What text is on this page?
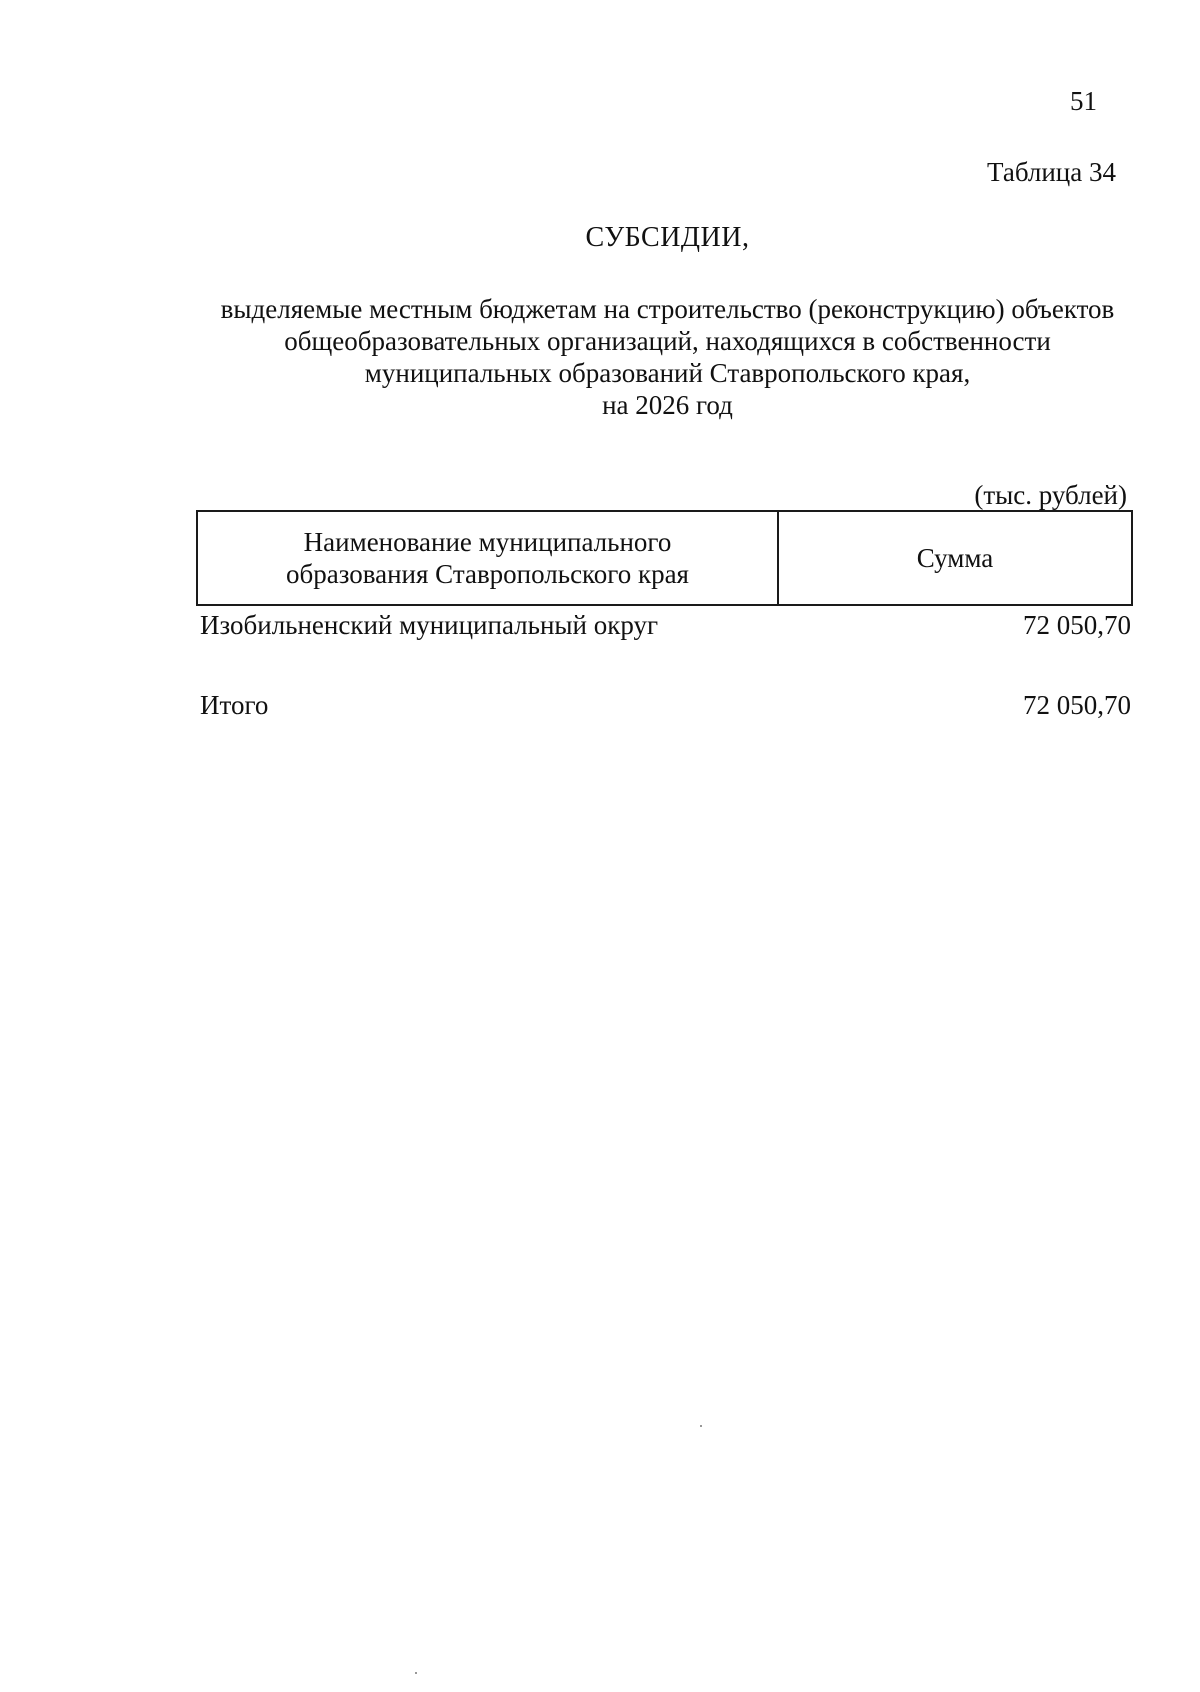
51
Таблица 34
СУБСИДИИ,
выделяемые местным бюджетам на строительство (реконструкцию) объектов
общеобразовательных организаций, находящихся в собственности
муниципальных образований Ставропольского края,
на 2026 год
(тыс. рублей)
Наименование муниципального
образования Ставропольского края
Сумма
Изобильненский муниципальный округ	72 050,70
Итого	72 050,70
